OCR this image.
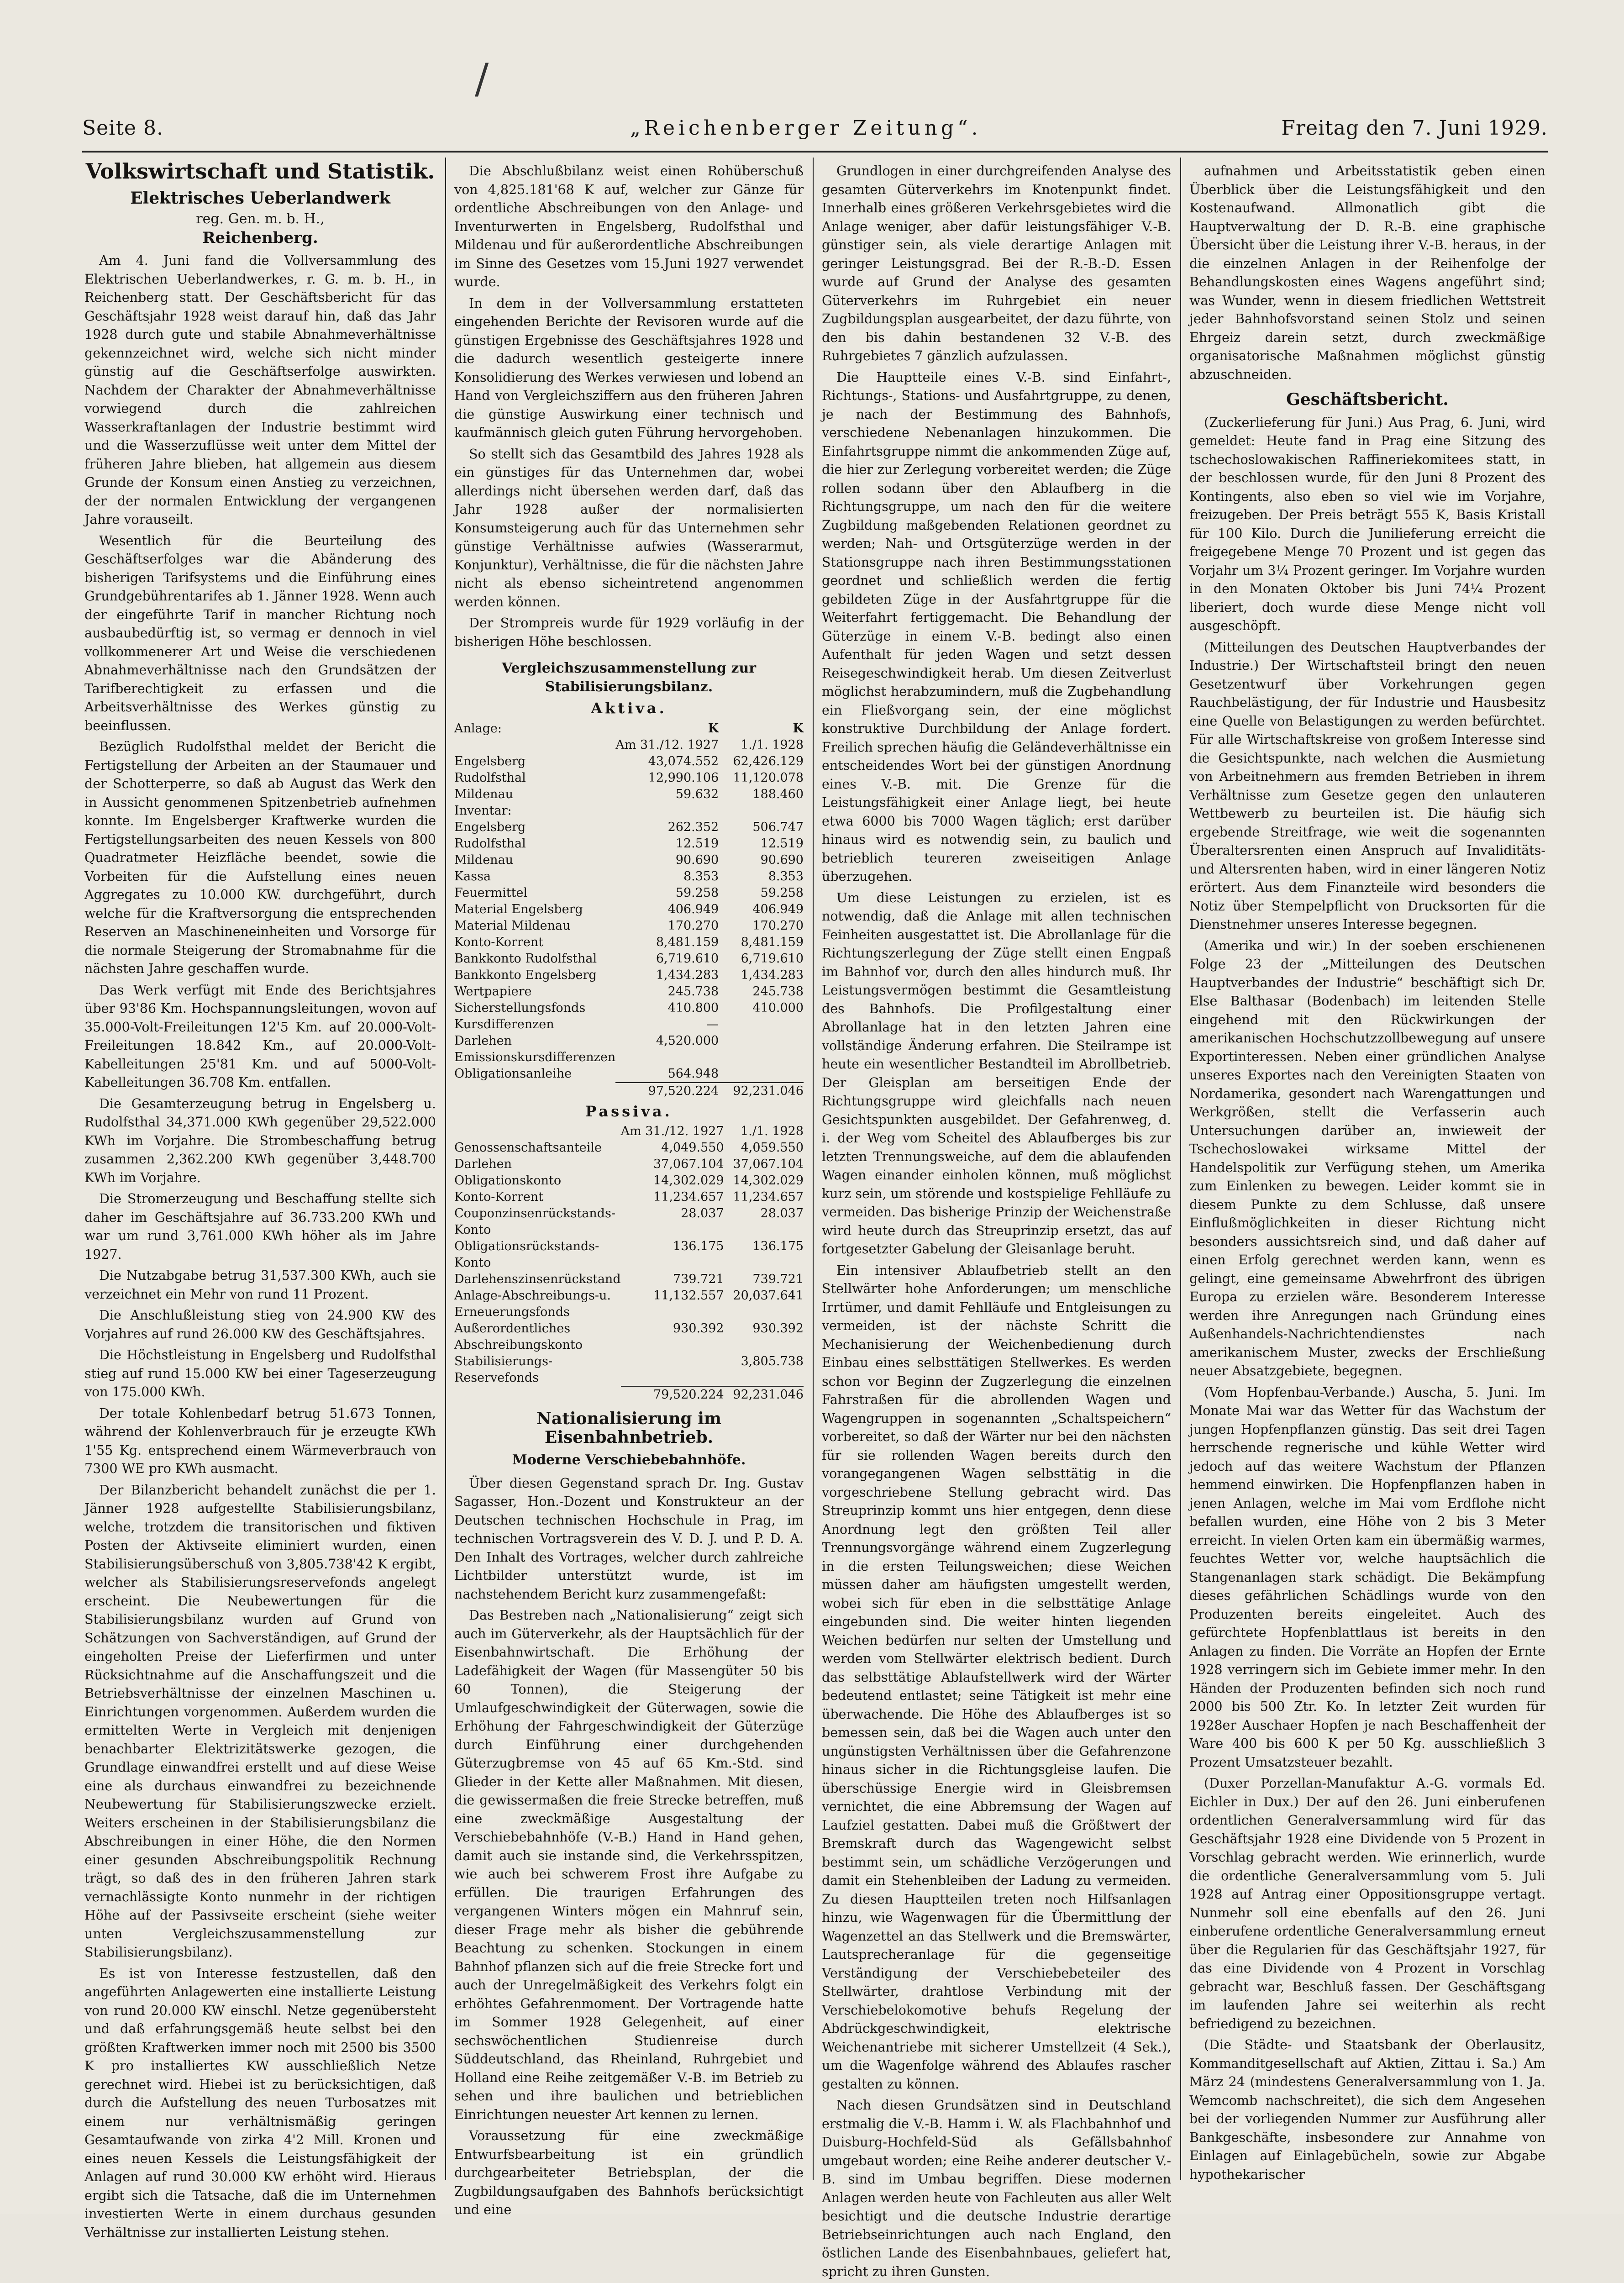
/
Seite 8.	„Reichenberger Zeitung“.	Freitag den 7. Juni 1929.
Volkswirtschaft und Statistik.
Elektrisches Ueberlandwerk
reg. Gen. m. b. H.,
Reichenberg.

Am 4. Juni fand die Vollversammlung des Elektrischen Ueberlandwerkes, r. G. m. b. H., in Reichenberg statt. Der Geschäftsbericht für das Geschäftsjahr 1928 weist darauf hin, daß das Jahr 1928 durch gute und stabile Abnahmeverhältnisse gekennzeichnet wird, welche sich nicht minder günstig auf die Geschäftserfolge auswirkten. Nachdem der Charakter der Abnahmeverhältnisse vorwiegend durch die zahlreichen Wasserkraftanlagen der Industrie bestimmt wird und die Wasserzuflüsse weit unter dem Mittel der früheren Jahre blieben, hat allgemein aus diesem Grunde der Konsum einen Anstieg zu verzeichnen, der der normalen Entwicklung der vergangenen Jahre vorauseilt.

Wesentlich für die Beurteilung des Geschäftserfolges war die Abänderung des bisherigen Tarifsystems und die Einführung eines Grundgebührentarifes ab 1. Jänner 1928. Wenn auch der eingeführte Tarif in mancher Richtung noch ausbaubedürftig ist, so vermag er dennoch in viel vollkommenerer Art und Weise die verschiedenen Abnahmeverhältnisse nach den Grundsätzen der Tarifberechtigkeit zu erfassen und die Arbeitsverhältnisse des Werkes günstig zu beeinflussen.

Bezüglich Rudolfsthal meldet der Bericht die Fertigstellung der Arbeiten an der Staumauer und der Schotterperre, so daß ab August das Werk den in Aussicht genommenen Spitzenbetrieb aufnehmen konnte. Im Engelsberger Kraftwerke wurden die Fertigstellungsarbeiten des neuen Kessels von 800 Quadratmeter Heizfläche beendet, sowie die Vorbeiten für die Aufstellung eines neuen Aggregates zu 10.000 KW. durchgeführt, durch welche für die Kraftversorgung die entsprechenden Reserven an Maschineneinheiten und Vorsorge für die normale Steigerung der Stromabnahme für die nächsten Jahre geschaffen wurde.

Das Werk verfügt mit Ende des Berichtsjahres über 93'86 Km. Hochspannungsleitungen, wovon auf 35.000-Volt-Freileitungen 12'5 Km. auf 20.000-Volt-Freileitungen 18.842 Km., auf 20.000-Volt-Kabelleitungen 25'81 Km. und auf 5000-Volt-Kabelleitungen 36.708 Km. entfallen.

Die Gesamterzeugung betrug in Engelsberg u. Rudolfsthal 34,371.000 KWh gegenüber 29,522.000 KWh im Vorjahre. Die Strombeschaffung betrug zusammen 2,362.200 KWh gegenüber 3,448.700 KWh im Vorjahre.

Die Stromerzeugung und Beschaffung stellte sich daher im Geschäftsjahre auf 36.733.200 KWh und war um rund 3,761.000 KWh höher als im Jahre 1927.

Die Nutzabgabe betrug 31,537.300 KWh, auch sie verzeichnet ein Mehr von rund 11 Prozent.

Die Anschlußleistung stieg von 24.900 KW des Vorjahres auf rund 26.000 KW des Geschäftsjahres.

Die Höchstleistung in Engelsberg und Rudolfsthal stieg auf rund 15.000 KW bei einer Tageserzeugung von 175.000 KWh.

Der totale Kohlenbedarf betrug 51.673 Tonnen, während der Kohlenverbrauch für je erzeugte KWh 1'55 Kg. entsprechend einem Wärmeverbrauch von 7300 WE pro KWh ausmacht.

Der Bilanzbericht behandelt zunächst die per 1. Jänner 1928 aufgestellte Stabilisierungsbilanz, welche, trotzdem die transitorischen und fiktiven Posten der Aktivseite eliminiert wurden, einen Stabilisierungsüberschuß von 3,805.738'42 K ergibt, welcher als Stabilisierungsreservefonds angelegt erscheint. Die Neubewertungen für die Stabilisierungsbilanz wurden auf Grund von Schätzungen von Sachverständigen, auf Grund der eingeholten Preise der Lieferfirmen und unter Rücksichtnahme auf die Anschaffungszeit und die Betriebsverhältnisse der einzelnen Maschinen u. Einrichtungen vorgenommen. Außerdem wurden die ermittelten Werte in Vergleich mit denjenigen benachbarter Elektrizitätswerke gezogen, die Grundlage einwandfrei erstellt und auf diese Weise eine als durchaus einwandfrei zu bezeichnende Neubewertung für Stabilisierungszwecke erzielt. Weiters erscheinen in der Stabilisierungsbilanz die Abschreibungen in einer Höhe, die den Normen einer gesunden Abschreibungspolitik Rechnung trägt, so daß des in den früheren Jahren stark vernachlässigte Konto nunmehr in der richtigen Höhe auf der Passivseite erscheint (siehe weiter unten Vergleichszusammenstellung zur Stabilisierungsbilanz).

Es ist von Interesse festzustellen, daß den angeführten Anlagewerten eine installierte Leistung von rund 20.000 KW einschl. Netze gegenübersteht und daß erfahrungsgemäß heute selbst bei den größten Kraftwerken immer noch mit 2500 bis 3500 K pro installiertes KW ausschließlich Netze gerechnet wird. Hiebei ist zu berücksichtigen, daß durch die Aufstellung des neuen Turbosatzes mit einem nur verhältnismäßig geringen Gesamtaufwande von zirka 4'2 Mill. Kronen und eines neuen Kessels die Leistungsfähigkeit der Anlagen auf rund 30.000 KW erhöht wird. Hieraus ergibt sich die Tatsache, daß die im Unternehmen investierten Werte in einem durchaus gesunden Verhältnisse zur installierten Leistung stehen.

Die Abschlußbilanz weist einen Rohüberschuß von 4,825.181'68 K auf, welcher zur Gänze für ordentliche Abschreibungen von den Anlage- und Inventurwerten in Engelsberg, Rudolfsthal und Mildenau und für außerordentliche Abschreibungen im Sinne des Gesetzes vom 15.Juni 1927 verwendet wurde.

In dem in der Vollversammlung erstatteten eingehenden Berichte der Revisoren wurde auf die günstigen Ergebnisse des Geschäftsjahres 1928 und die dadurch wesentlich gesteigerte innere Konsolidierung des Werkes verwiesen und lobend an Hand von Vergleichsziffern aus den früheren Jahren die günstige Auswirkung einer technisch und kaufmännisch gleich guten Führung hervorgehoben.

So stellt sich das Gesamtbild des Jahres 1928 als ein günstiges für das Unternehmen dar, wobei allerdings nicht übersehen werden darf, daß das Jahr 1928 außer der normalisierten Konsumsteigerung auch für das Unternehmen sehr günstige Verhältnisse aufwies (Wasserarmut, Konjunktur), Verhältnisse, die für die nächsten Jahre nicht als ebenso sicheintretend angenommen werden können.

Der Strompreis wurde für 1929 vorläufig in der bisherigen Höhe beschlossen.

Vergleichszusammenstellung zur Stabilisierungsbilanz.
Aktiva.
Anlage:	K	K
	Am 31./12. 1927	1./1. 1928
Engelsberg	43,074.552	62,426.129
Rudolfsthal	12,990.106	11,120.078
Mildenau	59.632	188.460
Inventar:		
Engelsberg	262.352	506.747
Rudolfsthal	12.519	12.519
Mildenau	90.690	90.690
Kassa	8.353	8.353
Feuermittel	59.258	59.258
Material Engelsberg	406.949	406.949
Material Mildenau	170.270	170.270
Konto-Korrent	8,481.159	8,481.159
Bankkonto Rudolfsthal	6,719.610	6,719.610
Bankkonto Engelsberg	1,434.283	1,434.283
Wertpapiere	245.738	245.738
Sicherstellungsfonds	410.800	410.000
Kursdifferenzen	—	
Darlehen	4,520.000	
Emissionskursdifferenzen		
Obligationsanleihe	564.948	
	97,520.224	92,231.046
Passiva.
	Am 31./12. 1927	1./1. 1928
Genossenschaftsanteile	4,049.550	4,059.550
Darlehen	37,067.104	37,067.104
Obligationskonto	14,302.029	14,302.029
Konto-Korrent	11,234.657	11,234.657
Couponzinsenrückstands-Konto	28.037	28.037
Obligationsrückstands-Konto	136.175	136.175
Darlehenszinsenrückstand	739.721	739.721
Anlage-Abschreibungs-u. Erneuerungsfonds	11,132.557	20,037.641
Außerordentliches Abschreibungskonto	930.392	930.392
Stabilisierungs-Reservefonds		3,805.738
	79,520.224	92,231.046
Nationalisierung im Eisenbahnbetrieb.
Moderne Verschiebebahnhöfe.

Über diesen Gegenstand sprach Dr. Ing. Gustav Sagasser, Hon.-Dozent und Konstrukteur an der Deutschen technischen Hochschule in Prag, im technischen Vortragsverein des V. D. J. und P. D. A. Den Inhalt des Vortrages, welcher durch zahlreiche Lichtbilder unterstützt wurde, ist im nachstehendem Bericht kurz zusammengefaßt:

Das Bestreben nach „Nationalisierung“ zeigt sich auch im Güterverkehr, als der Hauptsächlich für der Eisenbahnwirtschaft. Die Erhöhung der Ladefähigkeit der Wagen (für Massengüter 50 bis 60 Tonnen), die Steigerung der Umlaufgeschwindigkeit der Güterwagen, sowie die Erhöhung der Fahrgeschwindigkeit der Güterzüge durch Einführung einer durchgehenden Güterzugbremse von 45 auf 65 Km.-Std. sind Glieder in der Kette aller Maßnahmen. Mit diesen, die gewissermaßen die freie Strecke betreffen, muß eine zweckmäßige Ausgestaltung der Verschiebebahnhöfe (V.-B.) Hand in Hand gehen, damit auch sie instande sind, die Verkehrsspitzen, wie auch bei schwerem Frost ihre Aufgabe zu erfüllen. Die traurigen Erfahrungen des vergangenen Winters mögen ein Mahnruf sein, dieser Frage mehr als bisher die gebührende Beachtung zu schenken. Stockungen in einem Bahnhof pflanzen sich auf die freie Strecke fort und auch der Unregelmäßigkeit des Verkehrs folgt ein erhöhtes Gefahrenmoment. Der Vortragende hatte im Sommer 1928 Gelegenheit, auf einer sechswöchentlichen Studienreise durch Süddeutschland, das Rheinland, Ruhrgebiet und Holland eine Reihe zeitgemäßer V.-B. im Betrieb zu sehen und ihre baulichen und betrieblichen Einrichtungen neuester Art kennen zu lernen.

Voraussetzung für eine zweckmäßige Entwurfsbearbeitung ist ein gründlich durchgearbeiteter Betriebsplan, der die Zugbildungsaufgaben des Bahnhofs berücksichtigt und eine

Grundlogen in einer durchgreifenden Analyse des gesamten Güterverkehrs im Knotenpunkt findet. Innerhalb eines größeren Verkehrsgebietes wird die Anlage weniger, aber dafür leistungsfähiger V.-B. günstiger sein, als viele derartige Anlagen mit geringer Leistungsgrad. Bei der R.-B.-D. Essen wurde auf Grund der Analyse des gesamten Güterverkehrs im Ruhrgebiet ein neuer Zugbildungsplan ausgearbeitet, der dazu führte, von den bis dahin bestandenen 32 V.-B. des Ruhrgebietes 7 gänzlich aufzulassen.

Die Hauptteile eines V.-B. sind Einfahrt-, Richtungs-, Stations- und Ausfahrtgruppe, zu denen, je nach der Bestimmung des Bahnhofs, verschiedene Nebenanlagen hinzukommen. Die Einfahrtsgruppe nimmt die ankommenden Züge auf, die hier zur Zerlegung vorbereitet werden; die Züge rollen sodann über den Ablaufberg in die Richtungsgruppe, um nach den für die weitere Zugbildung maßgebenden Relationen geordnet zu werden; Nah- und Ortsgüterzüge werden in der Stationsgruppe nach ihren Bestimmungsstationen geordnet und schließlich werden die fertig gebildeten Züge in der Ausfahrtgruppe für die Weiterfahrt fertiggemacht. Die Behandlung der Güterzüge in einem V.-B. bedingt also einen Aufenthalt für jeden Wagen und setzt dessen Reisegeschwindigkeit herab. Um diesen Zeitverlust möglichst herabzumindern, muß die Zugbehandlung ein Fließvorgang sein, der eine möglichst konstruktive Durchbildung der Anlage fordert. Freilich sprechen häufig die Geländeverhältnisse ein entscheidendes Wort bei der günstigen Anordnung eines V.-B. mit. Die Grenze für die Leistungsfähigkeit einer Anlage liegt, bei heute etwa 6000 bis 7000 Wagen täglich; erst darüber hinaus wird es notwendig sein, zu baulich und betrieblich teureren zweiseitigen Anlage überzugehen.

Um diese Leistungen zu erzielen, ist es notwendig, daß die Anlage mit allen technischen Feinheiten ausgestattet ist. Die Abrollanlage für die Richtungszerlegung der Züge stellt einen Engpaß im Bahnhof vor, durch den alles hindurch muß. Ihr Leistungsvermögen bestimmt die Gesamtleistung des Bahnhofs. Die Profilgestaltung einer Abrollanlage hat in den letzten Jahren eine vollständige Änderung erfahren. Die Steilrampe ist heute ein wesentlicher Bestandteil im Abrollbetrieb. Der Gleisplan am berseitigen Ende der Richtungsgruppe wird gleichfalls nach neuen Gesichtspunkten ausgebildet. Der Gefahrenweg, d. i. der Weg vom Scheitel des Ablaufberges bis zur letzten Trennungsweiche, auf dem die ablaufenden Wagen einander einholen können, muß möglichst kurz sein, um störende und kostspielige Fehlläufe zu vermeiden. Das bisherige Prinzip der Weichenstraße wird heute durch das Streuprinzip ersetzt, das auf fortgesetzter Gabelung der Gleisanlage beruht.

Ein intensiver Ablaufbetrieb stellt an den Stellwärter hohe Anforderungen; um menschliche Irrtümer, und damit Fehlläufe und Entgleisungen zu vermeiden, ist der nächste Schritt die Mechanisierung der Weichenbedienung durch Einbau eines selbsttätigen Stellwerkes. Es werden schon vor Beginn der Zugzerlegung die einzelnen Fahrstraßen für die abrollenden Wagen und Wagengruppen in sogenannten „Schaltspeichern“ vorbereitet, so daß der Wärter nur bei den nächsten für sie rollenden Wagen bereits durch den vorangegangenen Wagen selbsttätig in die vorgeschriebene Stellung gebracht wird. Das Streuprinzip kommt uns hier entgegen, denn diese Anordnung legt den größten Teil aller Trennungsvorgänge während einem Zugzerlegung in die ersten Teilungsweichen; diese Weichen müssen daher am häufigsten umgestellt werden, wobei sich für eben in die selbsttätige Anlage eingebunden sind. Die weiter hinten liegenden Weichen bedürfen nur selten der Umstellung und werden vom Stellwärter elektrisch bedient. Durch das selbsttätige Ablaufstellwerk wird der Wärter bedeutend entlastet; seine Tätigkeit ist mehr eine überwachende. Die Höhe des Ablaufberges ist so bemessen sein, daß bei die Wagen auch unter den ungünstigsten Verhältnissen über die Gefahrenzone hinaus sicher in die Richtungsgleise laufen. Die überschüssige Energie wird in Gleisbremsen vernichtet, die eine Abbremsung der Wagen auf Laufziel gestatten. Dabei muß die Größtwert der Bremskraft durch das Wagengewicht selbst bestimmt sein, um schädliche Verzögerungen und damit ein Stehenbleiben der Ladung zu vermeiden. Zu diesen Hauptteilen treten noch Hilfsanlagen hinzu, wie Wagenwagen für die Übermittlung der Wagenzettel an das Stellwerk und die Bremswärter, Lautsprecheranlage für die gegenseitige Verständigung der Verschiebebeteiler des Stellwärter, drahtlose Verbindung mit der Verschiebelokomotive behufs Regelung der Abdrückgeschwindigkeit, elektrische Weichenantriebe mit sicherer Umstellzeit (4 Sek.), um die Wagenfolge während des Ablaufes rascher gestalten zu können.

Nach diesen Grundsätzen sind in Deutschland erstmalig die V.-B. Hamm i. W. als Flachbahnhof und Duisburg-Hochfeld-Süd als Gefällsbahnhof umgebaut worden; eine Reihe anderer deutscher V.-B. sind im Umbau begriffen. Diese modernen Anlagen werden heute von Fachleuten aus aller Welt besichtigt und die deutsche Industrie derartige Betriebseinrichtungen auch nach England, den östlichen Lande des Eisenbahnbaues, geliefert hat, spricht zu ihren Gunsten.

aufnahmen und Arbeitsstatistik geben einen Überblick über die Leistungsfähigkeit und den Kostenaufwand. Allmonatlich gibt die Hauptverwaltung der D. R.-B. eine graphische Übersicht über die Leistung ihrer V.-B. heraus, in der die einzelnen Anlagen in der Reihenfolge der Behandlungskosten eines Wagens angeführt sind; was Wunder, wenn in diesem friedlichen Wettstreit jeder Bahnhofsvorstand seinen Stolz und seinen Ehrgeiz darein setzt, durch zweckmäßige organisatorische Maßnahmen möglichst günstig abzuschneiden.

Geschäftsbericht.

(Zuckerlieferung für Juni.) Aus Prag, 6. Juni, wird gemeldet: Heute fand in Prag eine Sitzung des tschechoslowakischen Raffineriekomitees statt, in der beschlossen wurde, für den Juni 8 Prozent des Kontingents, also eben so viel wie im Vorjahre, freizugeben. Der Preis beträgt 555 K, Basis Kristall für 100 Kilo. Durch die Junilieferung erreicht die freigegebene Menge 70 Prozent und ist gegen das Vorjahr um 3¼ Prozent geringer. Im Vorjahre wurden in den Monaten Oktober bis Juni 74¼ Prozent liberiert, doch wurde diese Menge nicht voll ausgeschöpft.

(Mitteilungen des Deutschen Hauptverbandes der Industrie.) Der Wirtschaftsteil bringt den neuen Gesetzentwurf über Vorkehrungen gegen Rauchbelästigung, der für Industrie und Hausbesitz eine Quelle von Belastigungen zu werden befürchtet. Für alle Wirtschaftskreise von großem Interesse sind die Gesichtspunkte, nach welchen die Ausmietung von Arbeitnehmern aus fremden Betrieben in ihrem Verhältnisse zum Gesetze gegen den unlauteren Wettbewerb zu beurteilen ist. Die häufig sich ergebende Streitfrage, wie weit die sogenannten Überaltersrenten einen Anspruch auf Invaliditäts- und Altersrenten haben, wird in einer längeren Notiz erörtert. Aus dem Finanzteile wird besonders die Notiz über Stempelpflicht von Drucksorten für die Dienstnehmer unseres Interesse begegnen.

(Amerika und wir.) In der soeben erschienenen Folge 23 der „Mitteilungen des Deutschen Hauptverbandes der Industrie“ beschäftigt sich Dr. Else Balthasar (Bodenbach) im leitenden Stelle eingehend mit den Rückwirkungen der amerikanischen Hochschutzzollbewegung auf unsere Exportinteressen. Neben einer gründlichen Analyse unseres Exportes nach den Vereinigten Staaten von Nordamerika, gesondert nach Warengattungen und Werkgrößen, stellt die Verfasserin auch Untersuchungen darüber an, inwieweit der Tschechoslowakei wirksame Mittel der Handelspolitik zur Verfügung stehen, um Amerika zum Einlenken zu bewegen. Leider kommt sie in diesem Punkte zu dem Schlusse, daß unsere Einflußmöglichkeiten in dieser Richtung nicht besonders aussichtsreich sind, und daß daher auf einen Erfolg gerechnet werden kann, wenn es gelingt, eine gemeinsame Abwehrfront des übrigen Europa zu erzielen wäre. Besonderem Interesse werden ihre Anregungen nach Gründung eines Außenhandels-Nachrichtendienstes nach amerikanischem Muster, zwecks der Erschließung neuer Absatzgebiete, begegnen.

(Vom Hopfenbau-Verbande.) Auscha, 5. Juni. Im Monate Mai war das Wetter für das Wachstum der jungen Hopfenpflanzen günstig. Das seit drei Tagen herrschende regnerische und kühle Wetter wird jedoch auf das weitere Wachstum der Pflanzen hemmend einwirken. Die Hopfenpflanzen haben in jenen Anlagen, welche im Mai vom Erdflohe nicht befallen wurden, eine Höhe von 2 bis 3 Meter erreicht. In vielen Orten kam ein übermäßig warmes, feuchtes Wetter vor, welche hauptsächlich die Stangenanlagen stark schädigt. Die Bekämpfung dieses gefährlichen Schädlings wurde von den Produzenten bereits eingeleitet. Auch des gefürchtete Hopfenblattlaus ist bereits in den Anlagen zu finden. Die Vorräte an Hopfen der Ernte 1928 verringern sich im Gebiete immer mehr. In den Händen der Produzenten befinden sich noch rund 2000 bis 500 Ztr. Ko. In letzter Zeit wurden für 1928er Auschaer Hopfen je nach Beschaffenheit der Ware 400 bis 600 K per 50 Kg. ausschließlich 3 Prozent Umsatzsteuer bezahlt.

(Duxer Porzellan-Manufaktur A.-G. vormals Ed. Eichler in Dux.) Der auf den 26. Juni einberufenen ordentlichen Generalversammlung wird für das Geschäftsjahr 1928 eine Dividende von 5 Prozent in Vorschlag gebracht werden. Wie erinnerlich, wurde die ordentliche Generalversammlung vom 5. Juli 1928 auf Antrag einer Oppositionsgruppe vertagt. Nunmehr soll eine ebenfalls auf den 26. Juni einberufene ordentliche Generalversammlung erneut über die Regularien für das Geschäftsjahr 1927, für das eine Dividende von 4 Prozent in Vorschlag gebracht war, Beschluß fassen. Der Geschäftsgang im laufenden Jahre sei weiterhin als recht befriedigend zu bezeichnen.

(Die Städte- und Staatsbank der Oberlausitz, Kommanditgesellschaft auf Aktien, Zittau i. Sa.) Am März 24 (mindestens Generalversammlung von 1. Ja. Wemcomb nachschreitet), die sich dem Angesehen bei der vorliegenden Nummer zur Ausführung aller Bankgeschäfte, insbesondere zur Annahme von Einlagen auf Einlagebücheln, sowie zur Abgabe hypothekarischer
